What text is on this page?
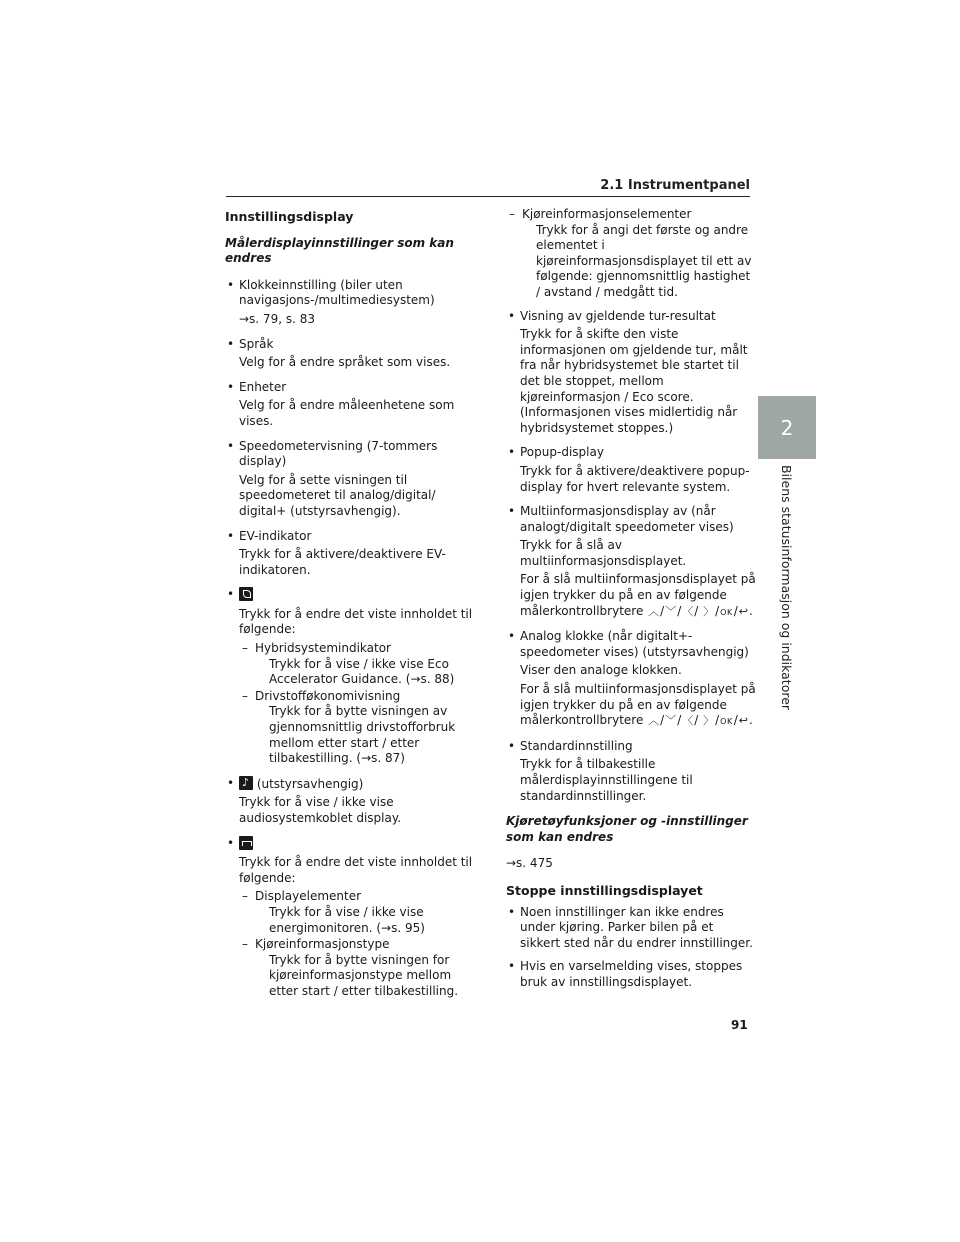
2.1 Instrumentpanel
2
Bilens statusinformasjon og indikatorer
Innstillingsdisplay
Målerdisplayinnstillinger som kan endres
• Klokkeinnstilling (biler uten navigasjons-/multimediesystem)

→s. 79, s. 83

• Språk

Velg for å endre språket som vises.

• Enheter

Velg for å endre måleenhetene som vises.

• Speedometervisning (7-tommers display)

Velg for å sette visningen til speedometeret til analog/digital/ digital+ (utstyrsavhengig).

• EV-indikator

Trykk for å aktivere/deaktivere EV-indikatoren.

•

Trykk for å endre det viste innholdet til følgende:

– Hybridsystemindikator
Trykk for å vise / ikke vise Eco Accelerator Guidance. (→s. 88)
– Drivstofføkonomivisning
Trykk for å bytte visningen av gjennomsnittlig drivstofforbruk mellom etter start / etter tilbakestilling. (→s. 87)
♪• (utstyrsavhengig)

Trykk for å vise / ikke vise audiosystemkoblet display.

•

Trykk for å endre det viste innholdet til følgende:

– Displayelementer
Trykk for å vise / ikke vise energimonitoren. (→s. 95)
– Kjøreinformasjonstype
Trykk for å bytte visningen for kjøreinformasjonstype mellom etter start / etter tilbakestilling.
– Kjøreinformasjonselementer
Trykk for å angi det første og andre elementet i kjøreinformasjonsdisplayet til ett av følgende: gjennomsnittlig hastighet / avstand / medgått tid.
• Visning av gjeldende tur-resultat

Trykk for å skifte den viste informasjonen om gjeldende tur, målt fra når hybridsystemet ble startet til det ble stoppet, mellom kjøreinformasjon / Eco score. (Informasjonen vises midlertidig når hybridsystemet stoppes.)

• Popup-display

Trykk for å aktivere/deaktivere popup-display for hvert relevante system.

• Multiinformasjonsdisplay av (når analogt/digitalt speedometer vises)

Trykk for å slå av multiinformasjonsdisplayet.

For å slå multiinformasjonsdisplayet på igjen trykker du på en av følgende målerkontrollbrytere ︿/﹀/〈/ 〉/OK/↩.

• Analog klokke (når digitalt+- speedometer vises) (utstyrsavhengig)

Viser den analoge klokken.

For å slå multiinformasjonsdisplayet på igjen trykker du på en av følgende målerkontrollbrytere ︿/﹀/〈/ 〉/OK/↩.

• Standardinnstilling

Trykk for å tilbakestille målerdisplayinnstillingene til standardinnstillinger.

Kjøretøyfunksjoner og -innstillinger som kan endres
→s. 475
Stoppe innstillingsdisplayet
• Noen innstillinger kan ikke endres under kjøring. Parker bilen på et sikkert sted når du endrer innstillinger.
• Hvis en varselmelding vises, stoppes bruk av innstillingsdisplayet.
91
